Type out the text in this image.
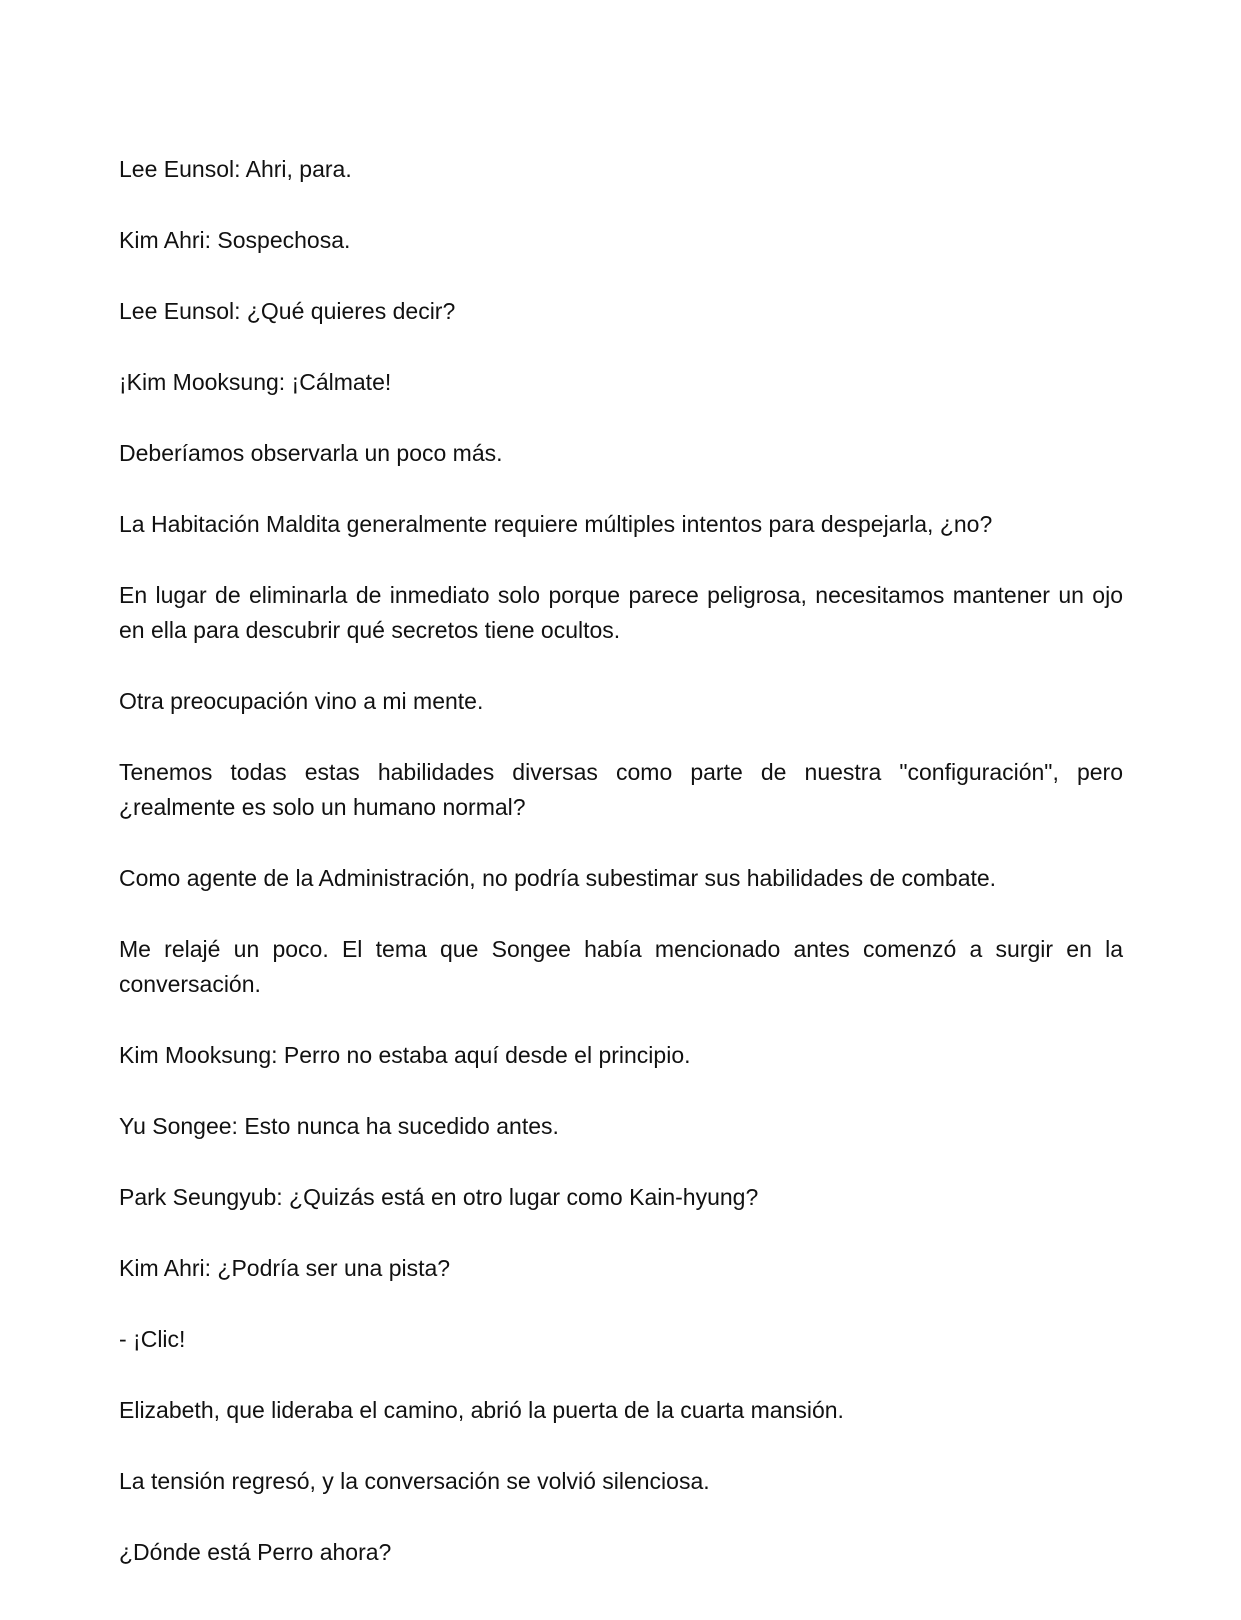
Lee Eunsol: Ahri, para.

Kim Ahri: Sospechosa.

Lee Eunsol: ¿Qué quieres decir?

¡Kim Mooksung: ¡Cálmate!

Deberíamos observarla un poco más.

La Habitación Maldita generalmente requiere múltiples intentos para despejarla, ¿no?

En lugar de eliminarla de inmediato solo porque parece peligrosa, necesitamos mantener un ojo en ella para descubrir qué secretos tiene ocultos.

Otra preocupación vino a mi mente.

Tenemos todas estas habilidades diversas como parte de nuestra "configuración", pero ¿realmente es solo un humano normal?

Como agente de la Administración, no podría subestimar sus habilidades de combate.

Me relajé un poco. El tema que Songee había mencionado antes comenzó a surgir en la conversación.

Kim Mooksung: Perro no estaba aquí desde el principio.

Yu Songee: Esto nunca ha sucedido antes.

Park Seungyub: ¿Quizás está en otro lugar como Kain-hyung?

Kim Ahri: ¿Podría ser una pista?

- ¡Clic!

Elizabeth, que lideraba el camino, abrió la puerta de la cuarta mansión.

La tensión regresó, y la conversación se volvió silenciosa.

¿Dónde está Perro ahora?
